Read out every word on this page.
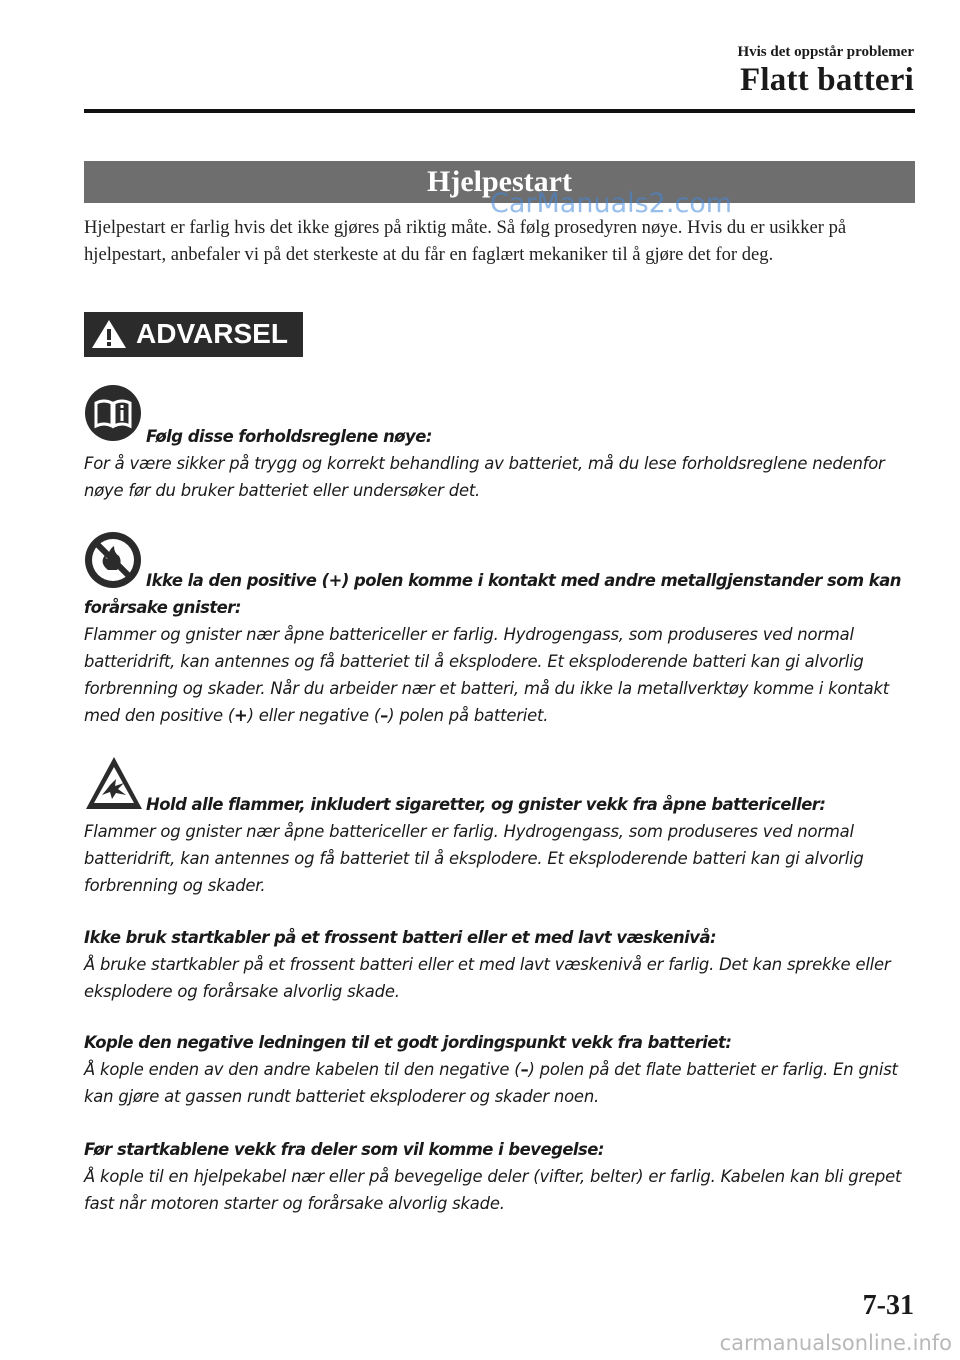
Hvis det oppstår problemer
Flatt batteri
Hjelpestart
CarManuals2.com
Hjelpestart er farlig hvis det ikke gjøres på riktig måte. Så følg prosedyren nøye. Hvis du er usikker på hjelpestart, anbefaler vi på det sterkeste at du får en faglært mekaniker til å gjøre det for deg.
ADVARSEL
Følg disse forholdsreglene nøye:
For å være sikker på trygg og korrekt behandling av batteriet, må du lese forholdsreglene nedenfor nøye før du bruker batteriet eller undersøker det.
Ikke la den positive (+) polen komme i kontakt med andre metallgjenstander som kan forårsake gnister:
Flammer og gnister nær åpne battericeller er farlig. Hydrogengass, som produseres ved normal batteridrift, kan antennes og få batteriet til å eksplodere. Et eksploderende batteri kan gi alvorlig forbrenning og skader. Når du arbeider nær et batteri, må du ikke la metallverktøy komme i kontakt med den positive (+) eller negative (–) polen på batteriet.
Hold alle flammer, inkludert sigaretter, og gnister vekk fra åpne battericeller:
Flammer og gnister nær åpne battericeller er farlig. Hydrogengass, som produseres ved normal batteridrift, kan antennes og få batteriet til å eksplodere. Et eksploderende batteri kan gi alvorlig forbrenning og skader.
Ikke bruk startkabler på et frossent batteri eller et med lavt væskenivå:
Å bruke startkabler på et frossent batteri eller et med lavt væskenivå er farlig. Det kan sprekke eller eksplodere og forårsake alvorlig skade.
Kople den negative ledningen til et godt jordingspunkt vekk fra batteriet:
Å kople enden av den andre kabelen til den negative (–) polen på det flate batteriet er farlig. En gnist kan gjøre at gassen rundt batteriet eksploderer og skader noen.
Før startkablene vekk fra deler som vil komme i bevegelse:
Å kople til en hjelpekabel nær eller på bevegelige deler (vifter, belter) er farlig. Kabelen kan bli grepet fast når motoren starter og forårsake alvorlig skade.
7-31
carmanualsonline.info
